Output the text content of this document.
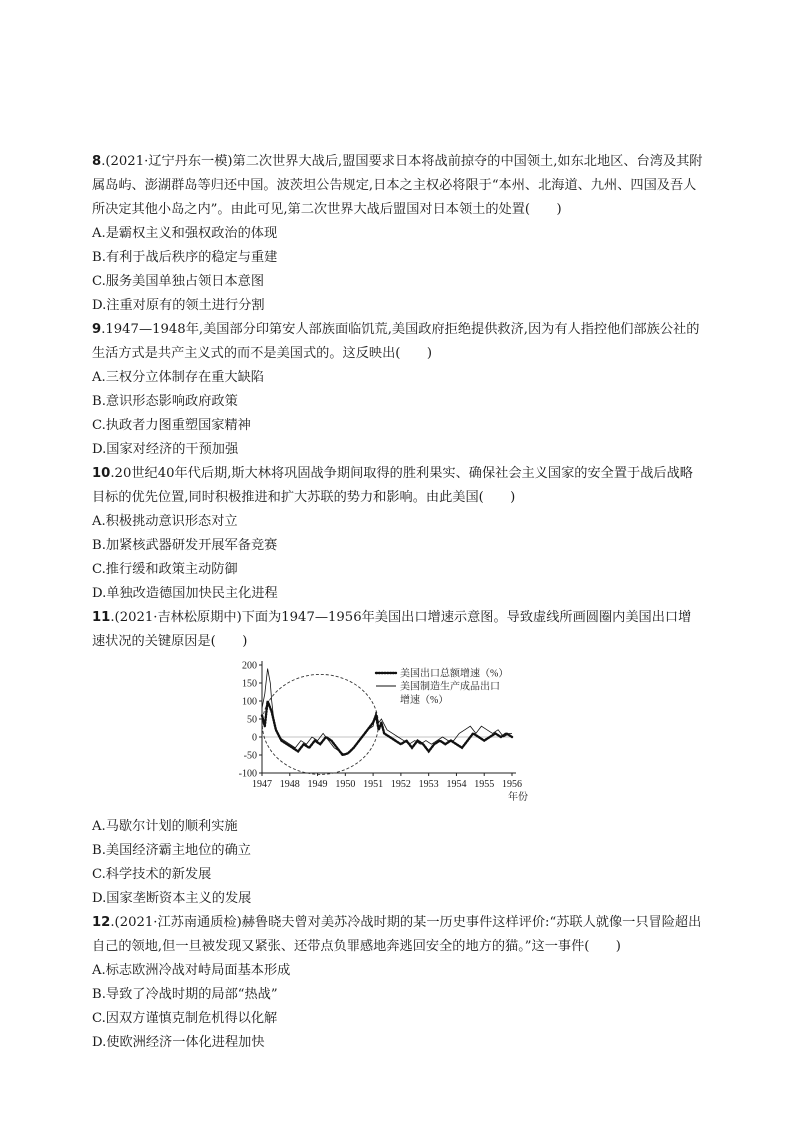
8.(2021·辽宁丹东一模)第二次世界大战后,盟国要求日本将战前掠夺的中国领土,如东北地区、台湾及其附属岛屿、澎湖群岛等归还中国。波茨坦公告规定,日本之主权必将限于“本州、北海道、九州、四国及吾人所决定其他小岛之内”。由此可见,第二次世界大战后盟国对日本领土的处置(　　)

A.是霸权主义和强权政治的体现

B.有利于战后秩序的稳定与重建

C.服务美国单独占领日本意图

D.注重对原有的领土进行分割

9.1947—1948年,美国部分印第安人部族面临饥荒,美国政府拒绝提供救济,因为有人指控他们部族公社的生活方式是共产主义式的而不是美国式的。这反映出(　　)

A.三权分立体制存在重大缺陷

B.意识形态影响政府政策

C.执政者力图重塑国家精神

D.国家对经济的干预加强

10.20世纪40年代后期,斯大林将巩固战争期间取得的胜利果实、确保社会主义国家的安全置于战后战略目标的优先位置,同时积极推进和扩大苏联的势力和影响。由此美国(　　)

A.积极挑动意识形态对立

B.加紧核武器研发开展军备竞赛

C.推行缓和政策主动防御

D.单独改造德国加快民主化进程

11.(2021·吉林松原期中)下面为1947—1956年美国出口增速示意图。导致虚线所画圆圈内美国出口增速状况的关键原因是(　　)

200
150
100
50
0
-50
-100
1947 1948 1949 1950 1951 1952 1953 1954 1955 1956
年份
美国出口总额增速（%）
美国制造生产成品出口
增速（%）

A.马歇尔计划的顺利实施

B.美国经济霸主地位的确立

C.科学技术的新发展

D.国家垄断资本主义的发展

12.(2021·江苏南通质检)赫鲁晓夫曾对美苏冷战时期的某一历史事件这样评价:“苏联人就像一只冒险超出自己的领地,但一旦被发现又紧张、还带点负罪感地奔逃回安全的地方的猫。”这一事件(　　)

A.标志欧洲冷战对峙局面基本形成

B.导致了冷战时期的局部“热战”

C.因双方谨慎克制危机得以化解

D.使欧洲经济一体化进程加快
